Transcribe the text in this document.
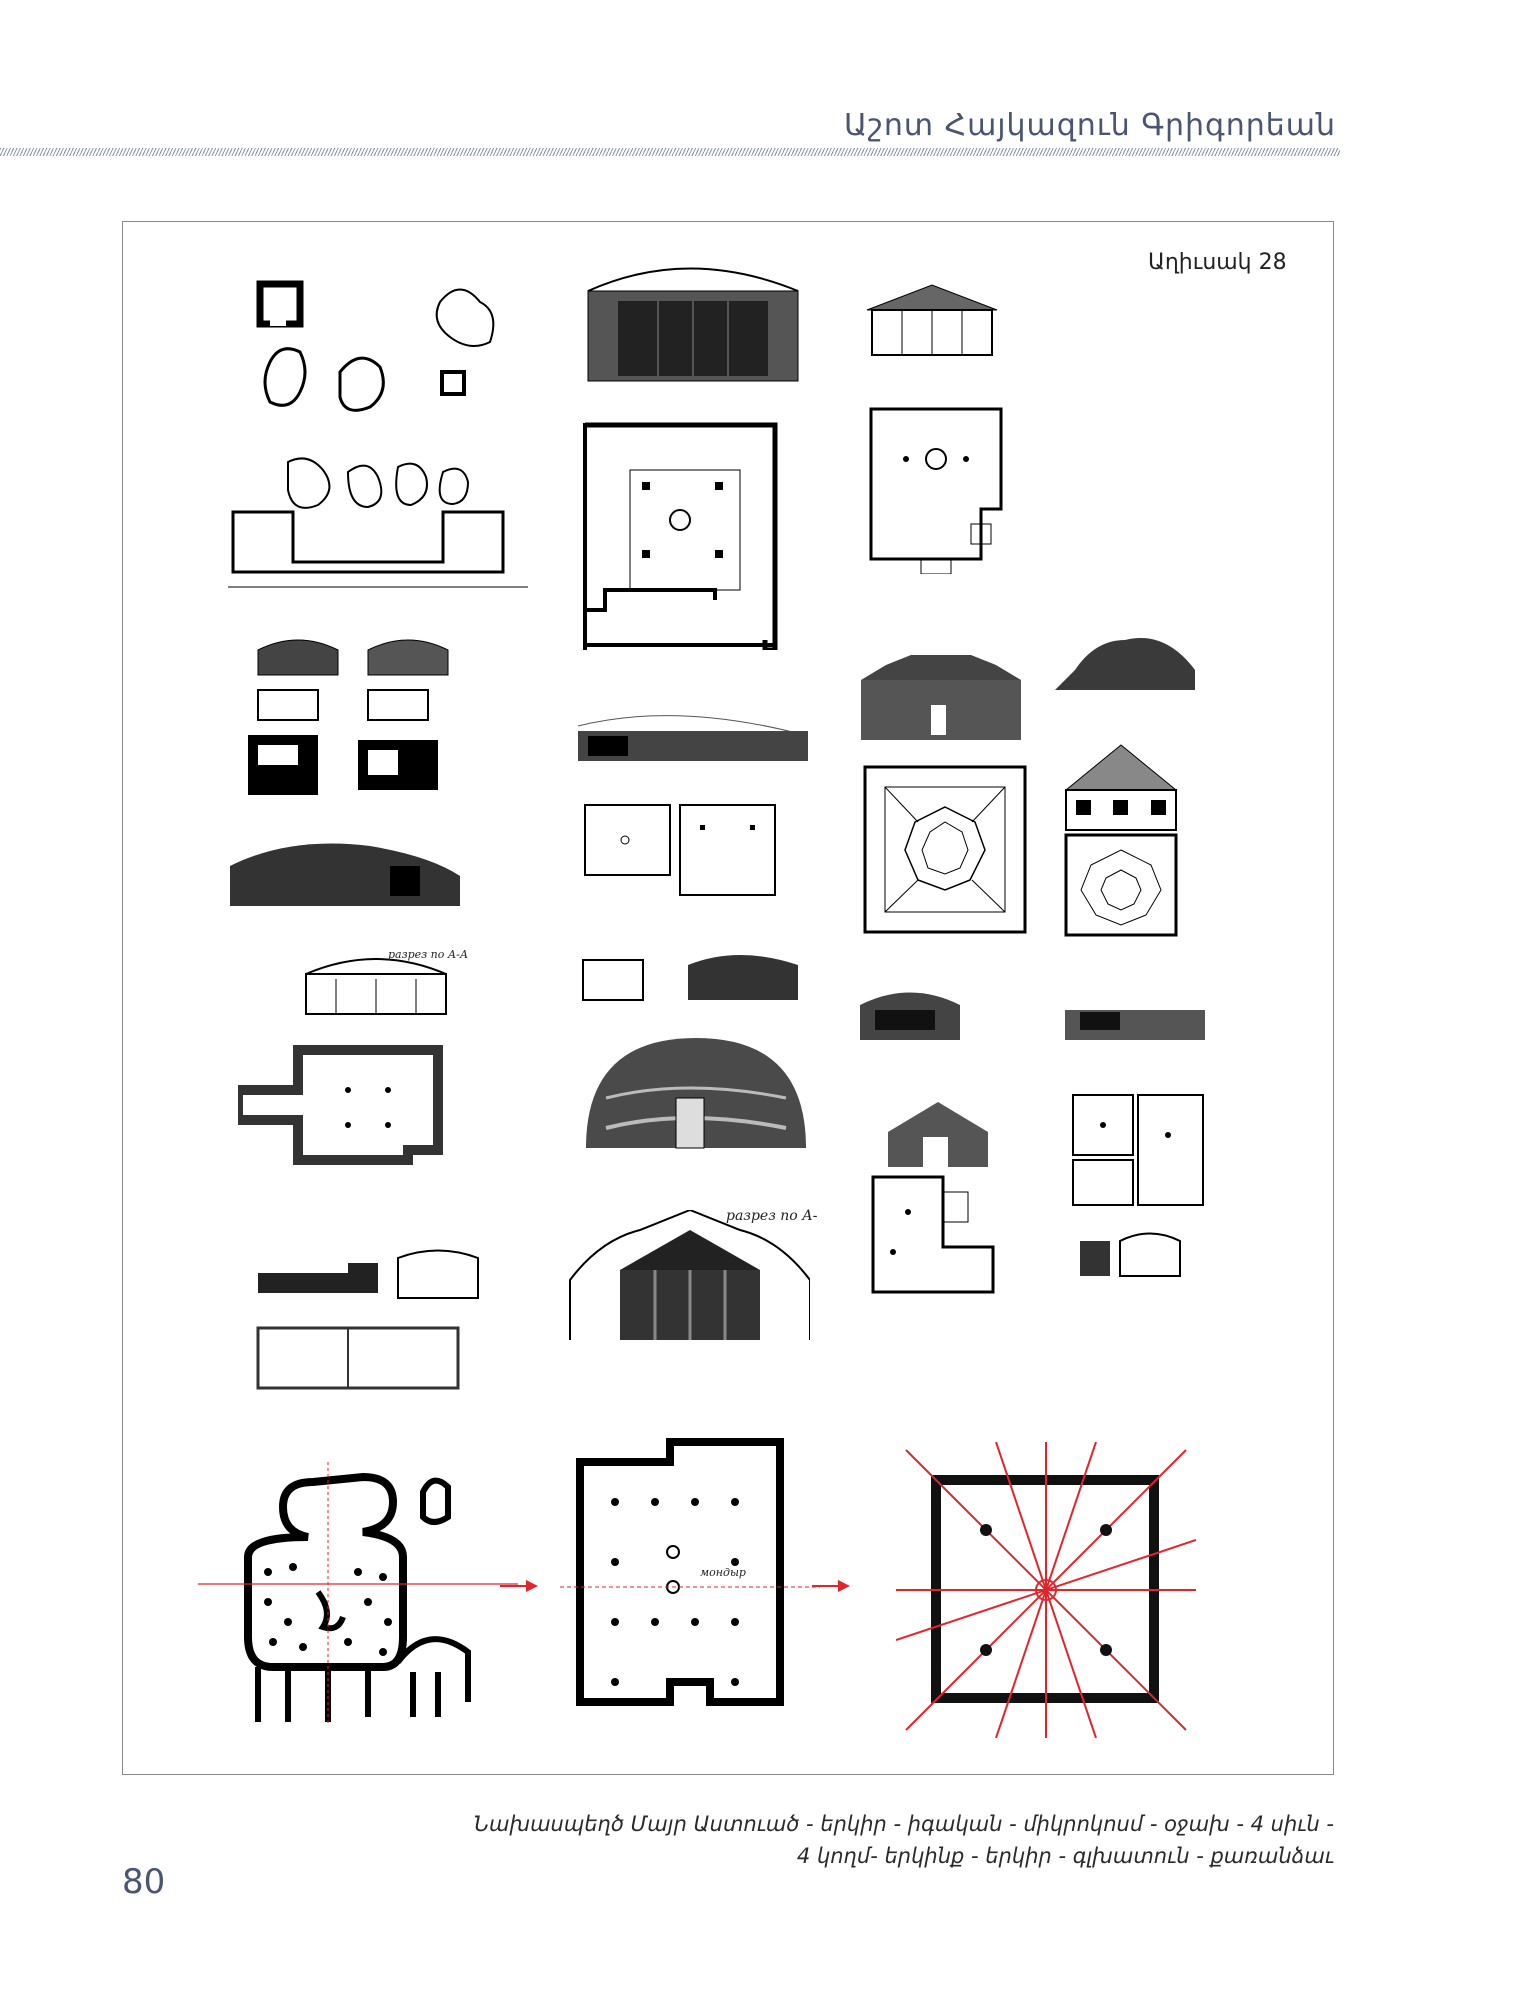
Աշոտ Հայկազուն Գրիգորեան
Աղիւսակ 28
разрез по А-А
разрез по А-
мондыр
Նախասպեղծ Մայր Աստուած - երկիր - իգական - միկրոկոսմ - օջախ - 4 սիւն -
4 կողմ- երկինք - երկիր - գլխատուն - քառանձաւ
80
